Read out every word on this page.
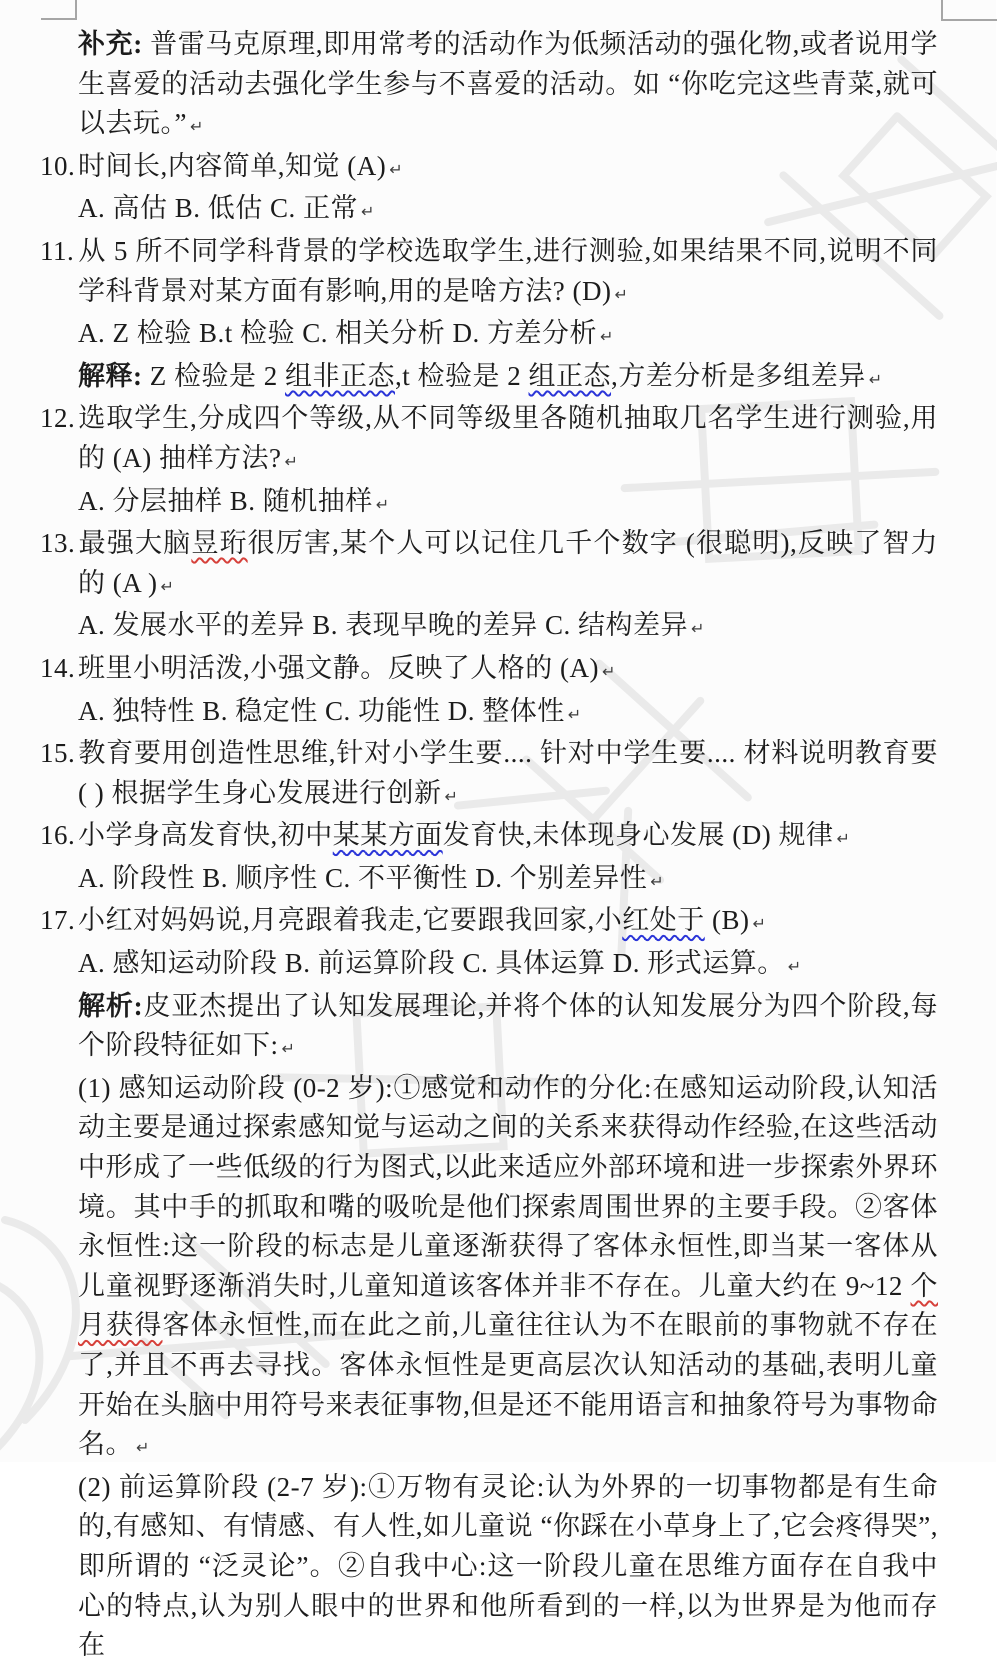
补充: 普雷马克原理,即用常考的活动作为低频活动的强化物,或者说用学生喜爱的活动去强化学生参与不喜爱的活动。如 “你吃完这些青菜,就可以去玩。” ↵
10. 时间长,内容简单,知觉 (A) ↵
A. 高估 B. 低估 C. 正常 ↵
11. 从 5 所不同学科背景的学校选取学生,进行测验,如果结果不同,说明不同学科背景对某方面有影响,用的是啥方法? (D) ↵
A. Z 检验 B.t 检验 C. 相关分析 D. 方差分析 ↵
解释: Z 检验是 2 组非正态,t 检验是 2 组正态,方差分析是多组差异 ↵
12. 选取学生,分成四个等级,从不同等级里各随机抽取几名学生进行测验,用的 (A) 抽样方法? ↵
A. 分层抽样 B. 随机抽样 ↵
13. 最强大脑昱珩很厉害,某个人可以记住几千个数字 (很聪明),反映了智力的 (A ) ↵
A. 发展水平的差异 B. 表现早晚的差异 C. 结构差异 ↵
14. 班里小明活泼,小强文静。反映了人格的 (A) ↵
A. 独特性 B. 稳定性 C. 功能性 D. 整体性 ↵
15. 教育要用创造性思维,针对小学生要.... 针对中学生要.... 材料说明教育要 ( ) 根据学生身心发展进行创新 ↵
16. 小学身高发育快,初中某某方面发育快,未体现身心发展 (D) 规律 ↵
A. 阶段性 B. 顺序性 C. 不平衡性 D. 个别差异性 ↵
17. 小红对妈妈说,月亮跟着我走,它要跟我回家,小红处于 (B) ↵
A. 感知运动阶段 B. 前运算阶段 C. 具体运算 D. 形式运算。 ↵
解析:皮亚杰提出了认知发展理论,并将个体的认知发展分为四个阶段,每个阶段特征如下: ↵
(1) 感知运动阶段 (0-2 岁):①感觉和动作的分化:在感知运动阶段,认知活动主要是通过探索感知觉与运动之间的关系来获得动作经验,在这些活动中形成了一些低级的行为图式,以此来适应外部环境和进一步探索外界环境。其中手的抓取和嘴的吸吮是他们探索周围世界的主要手段。②客体永恒性:这一阶段的标志是儿童逐渐获得了客体永恒性,即当某一客体从儿童视野逐渐消失时,儿童知道该客体并非不存在。儿童大约在 9~12 个月获得客体永恒性,而在此之前,儿童往往认为不在眼前的事物就不存在了,并且不再去寻找。客体永恒性是更高层次认知活动的基础,表明儿童开始在头脑中用符号来表征事物,但是还不能用语言和抽象符号为事物命名。 ↵
(2) 前运算阶段 (2-7 岁):①万物有灵论:认为外界的一切事物都是有生命的,有感知、有情感、有人性,如儿童说 “你踩在小草身上了,它会疼得哭”,即所谓的 “泛灵论”。②自我中心:这一阶段儿童在思维方面存在自我中心的特点,认为别人眼中的世界和他所看到的一样,以为世界是为他而存在
